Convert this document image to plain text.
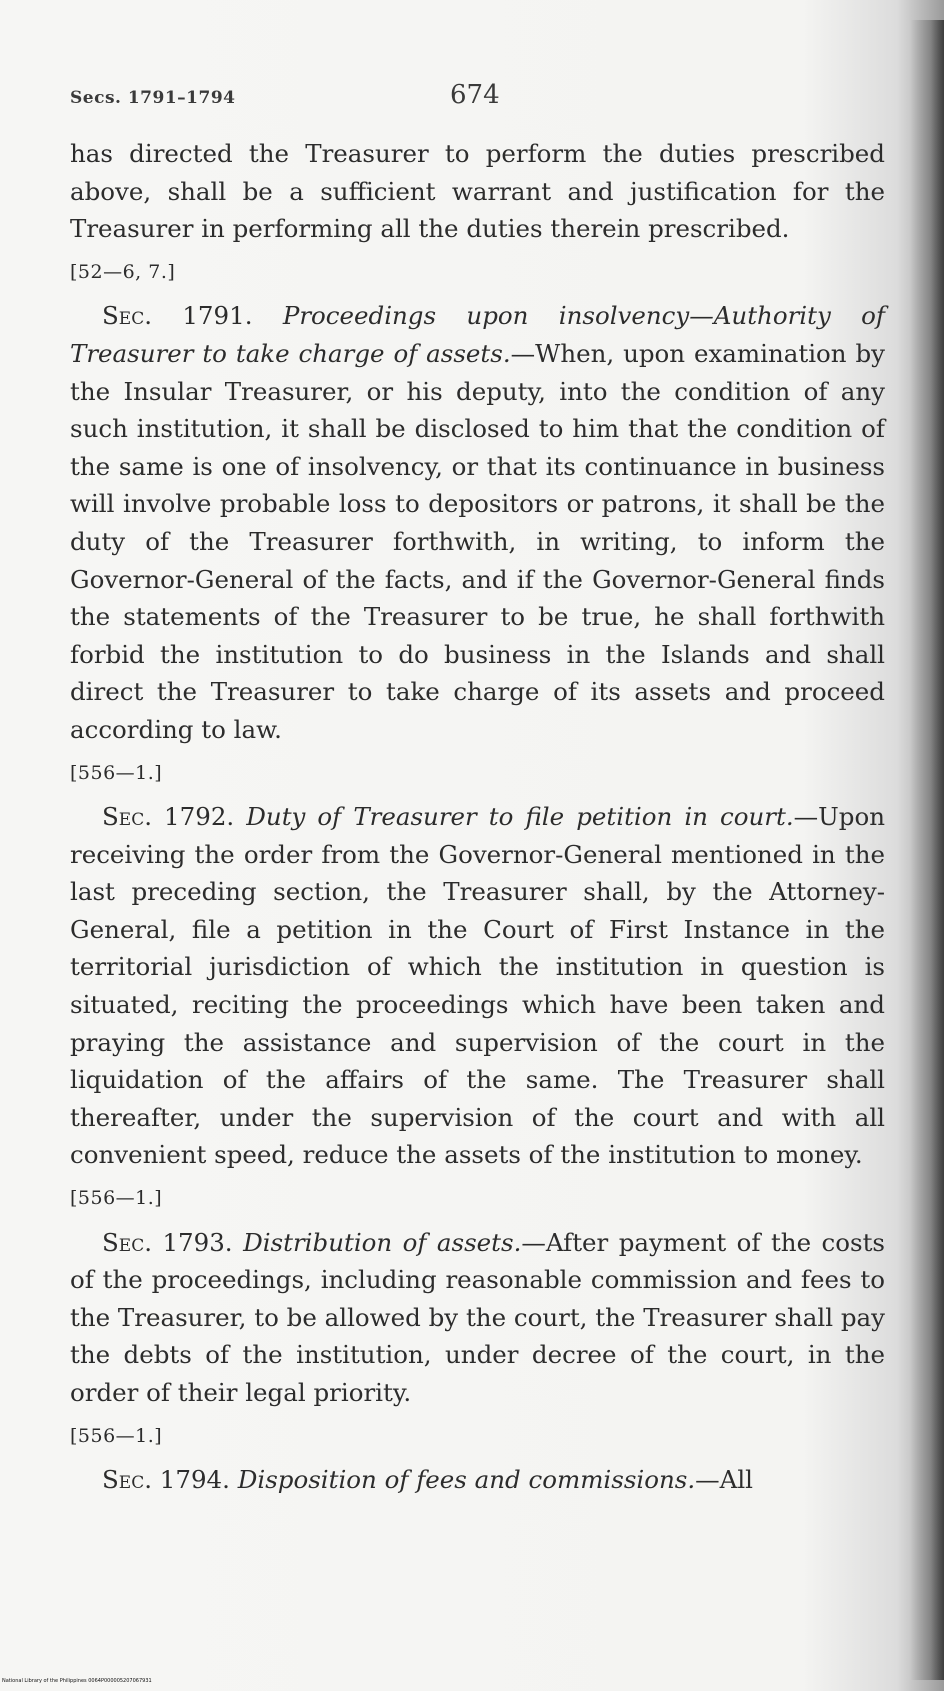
Secs. 1791–1794	674

has directed the Treasurer to perform the duties prescribed above, shall be a sufficient warrant and justification for the Treasurer in performing all the duties therein prescribed.

[52—6, 7.]

Sec. 1791. Proceedings upon insolvency—Authority of Treasurer to take charge of assets.—When, upon examination by the Insular Treasurer, or his deputy, into the condition of any such institution, it shall be disclosed to him that the condition of the same is one of insolvency, or that its continuance in business will involve probable loss to depositors or patrons, it shall be the duty of the Treasurer forthwith, in writing, to inform the Governor-General of the facts, and if the Governor-General finds the statements of the Treasurer to be true, he shall forthwith forbid the institution to do business in the Islands and shall direct the Treasurer to take charge of its assets and proceed according to law.

[556—1.]

Sec. 1792. Duty of Treasurer to file petition in court.—Upon receiving the order from the Governor-General mentioned in the last preceding section, the Treasurer shall, by the Attorney-General, file a petition in the Court of First Instance in the territorial jurisdiction of which the institution in question is situated, reciting the proceedings which have been taken and praying the assistance and supervision of the court in the liquidation of the affairs of the same. The Treasurer shall thereafter, under the supervision of the court and with all convenient speed, reduce the assets of the institution to money.

[556—1.]

Sec. 1793. Distribution of assets.—After payment of the costs of the proceedings, including reasonable commission and fees to the Treasurer, to be allowed by the court, the Treasurer shall pay the debts of the institution, under decree of the court, in the order of their legal priority.

[556—1.]

Sec. 1794. Disposition of fees and commissions.—All

National Library of the Philippines 0064P000005207067931
